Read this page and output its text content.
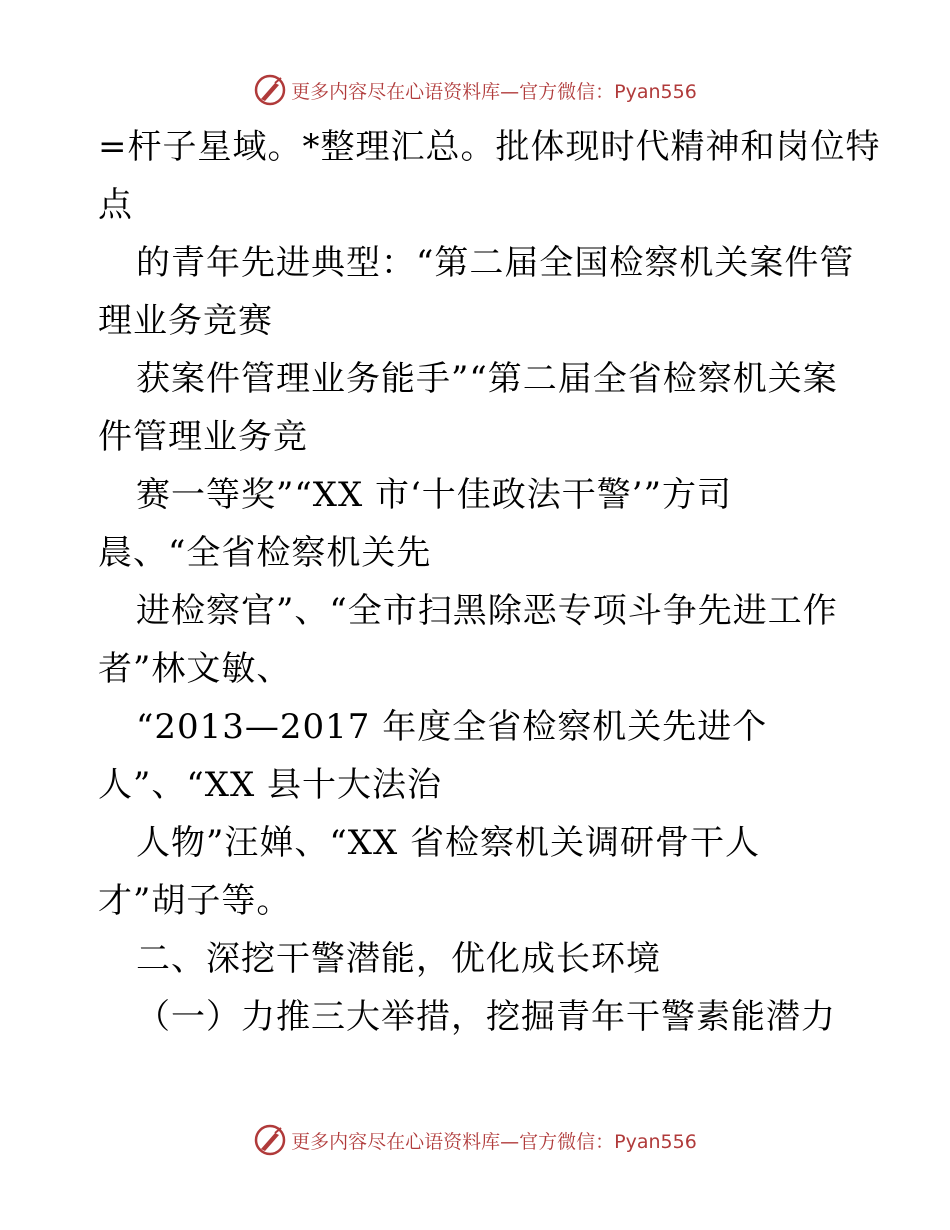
更多内容尽在心语资料库—官方微信：Pyan556
=杆子星域。*整理汇总。批体现时代精神和岗位特
点
的青年先进典型：“第二届全国检察机关案件管
理业务竞赛
获案件管理业务能手”“第二届全省检察机关案
件管理业务竞
赛一等奖”“XX 市‘十佳政法干警’”方司
晨、“全省检察机关先
进检察官”、“全市扫黑除恶专项斗争先进工作
者”林文敏、
“2013—2017 年度全省检察机关先进个
人”、“XX 县十大法治
人物”汪婵、“XX 省检察机关调研骨干人
才”胡子等。
二、深挖干警潜能，优化成长环境
（一）力推三大举措，挖掘青年干警素能潜力
更多内容尽在心语资料库—官方微信：Pyan556
